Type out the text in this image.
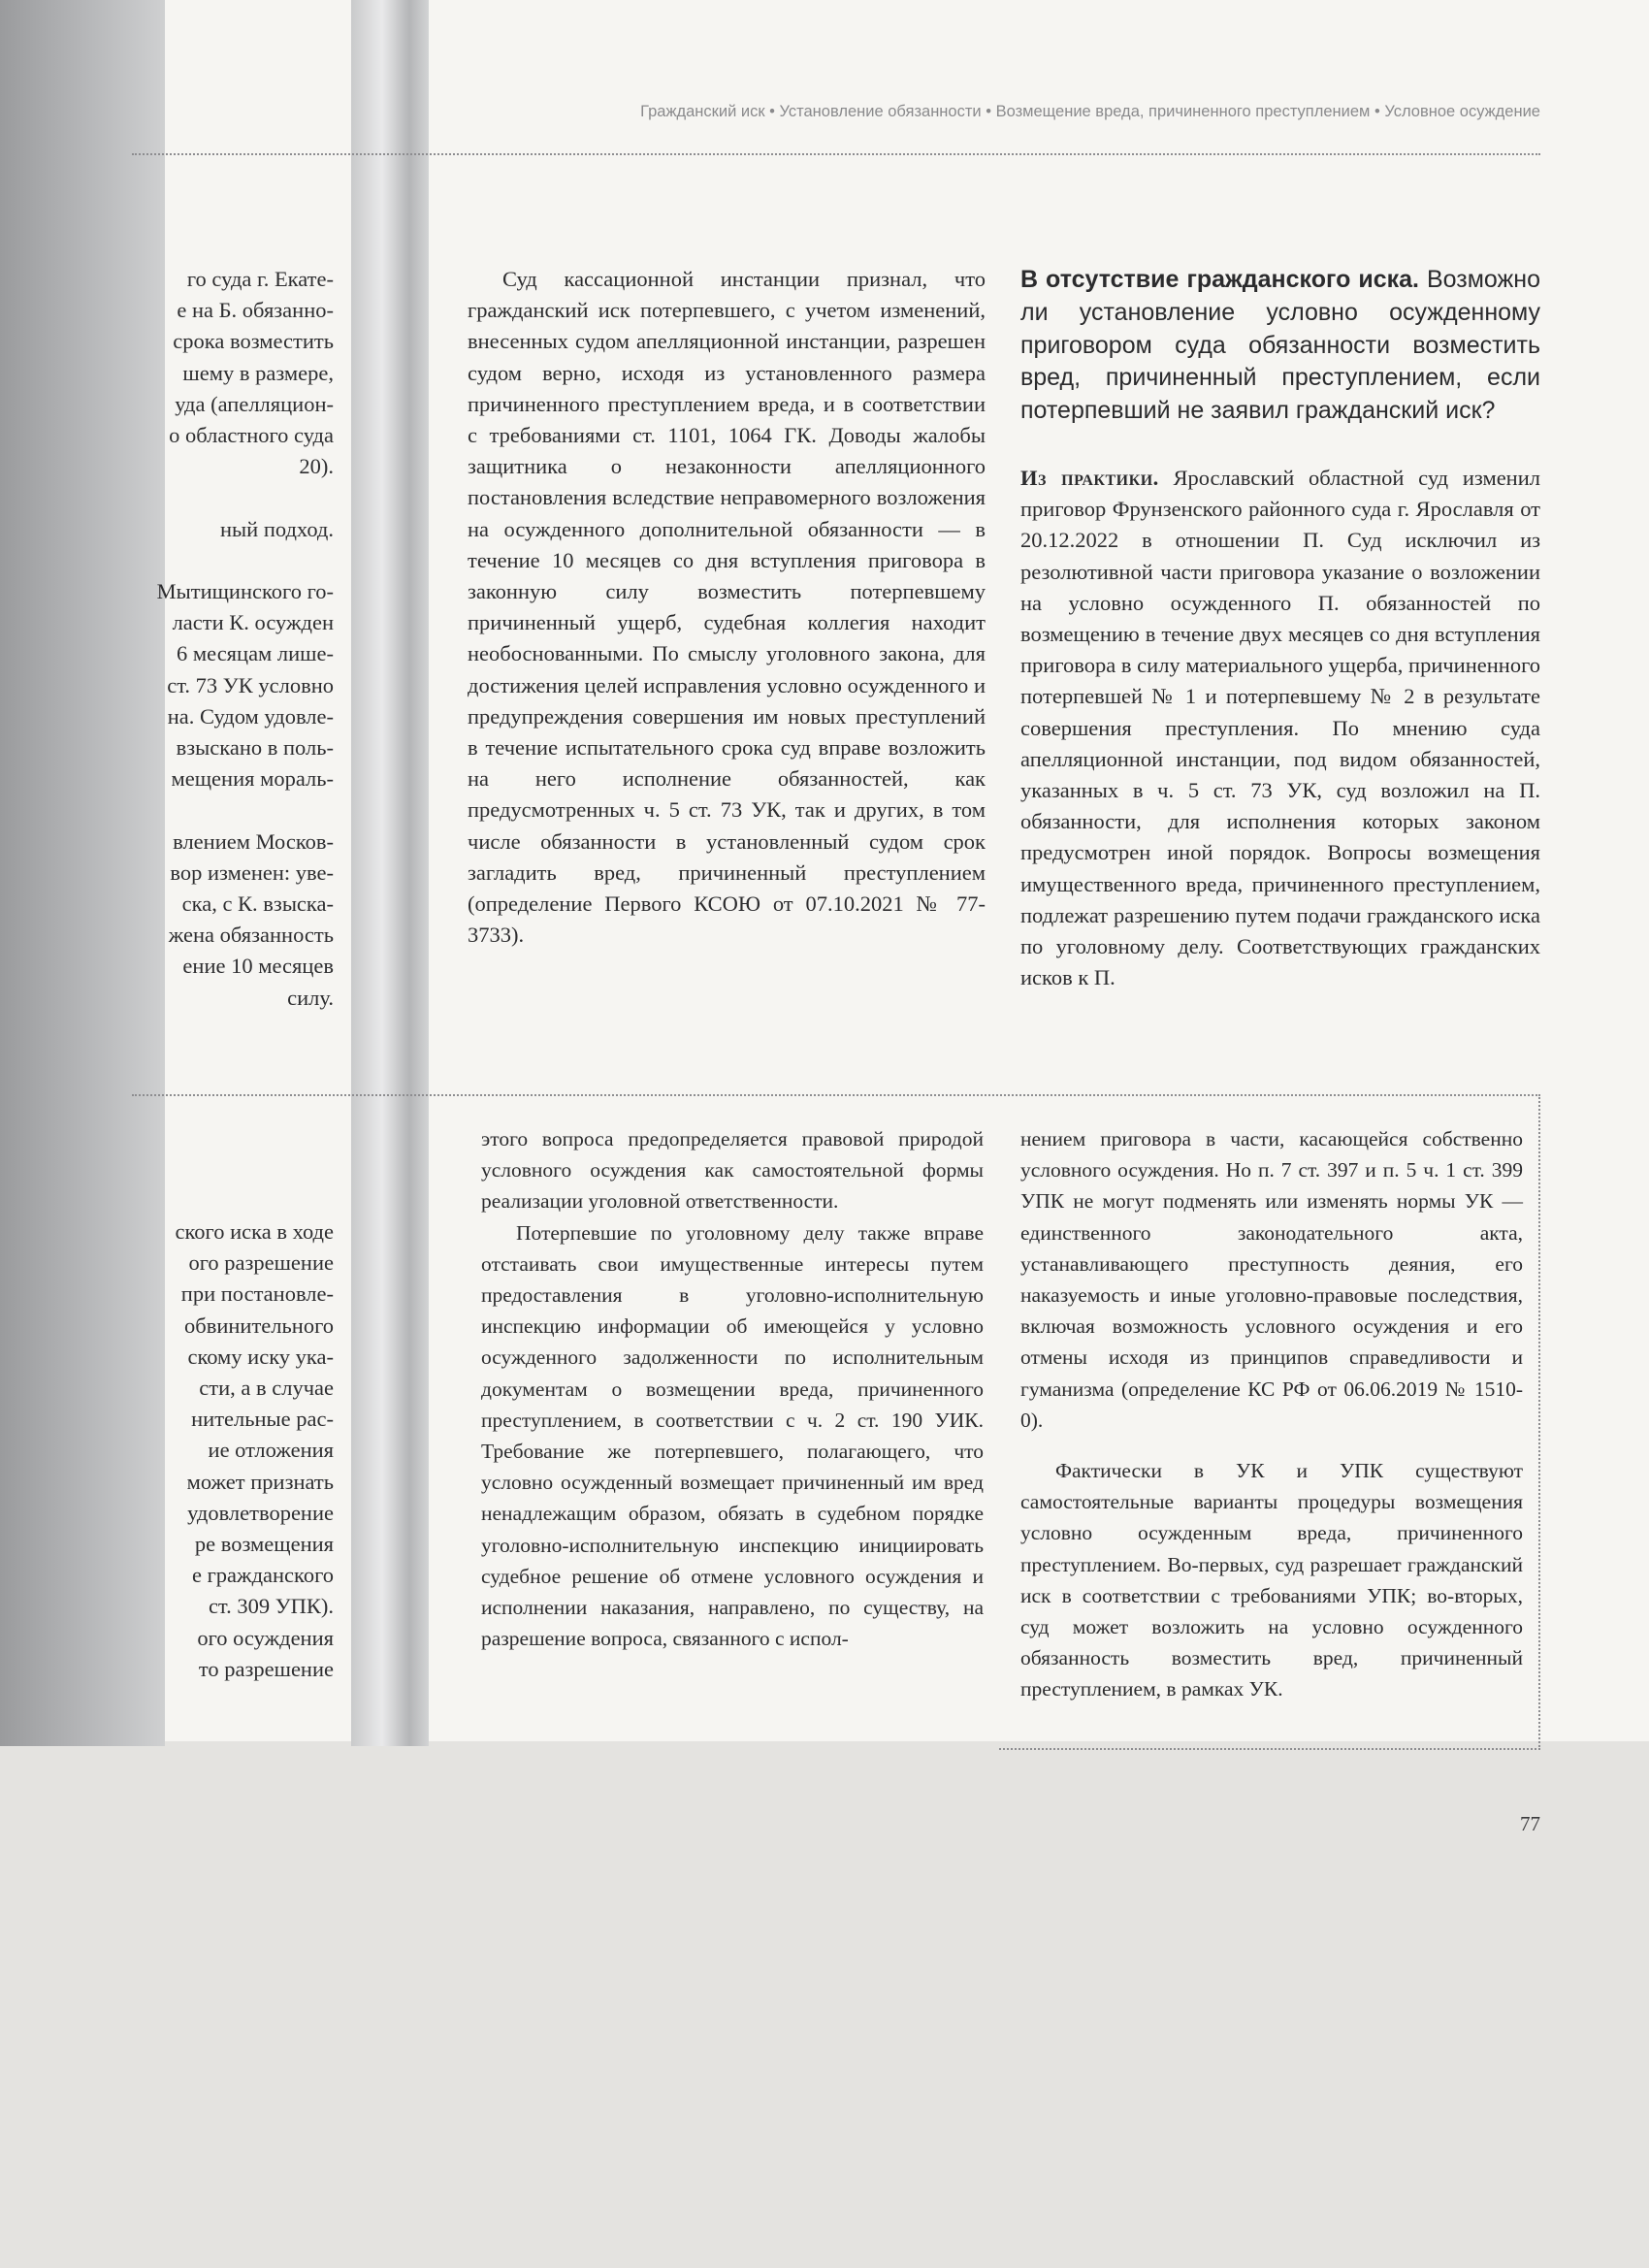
го суда г. Екате-
е на Б. обязанно-
срока возместить
шему в размере,
уда (апелляцион-
о областного суда
20).

ный подход.

Мытищинского го-
ласти К. осужден
6 месяцам лише-
ст. 73 УК условно
на. Судом удовле-
взыскано в поль-
мещения мораль-

влением Москов-
вор изменен: уве-
ска, с К. взыска-
жена обязанность
ение 10 месяцев
силу.
ского иска в ходе
ого разрешение
при постановле-
обвинительного
скому иску ука-
сти, а в случае
нительные рас-
ие отложения
может признать
удовлетворение
ре возмещения
е гражданского
ст. 309 УПК).
ого осуждения
то разрешение
Гражданский иск • Установление обязанности • Возмещение вреда, причиненного преступлением • Условное осуждение

Суд кассационной инстанции признал, что гражданский иск потерпевшего, с учетом изменений, внесенных судом апелляционной инстанции, разрешен судом верно, исходя из установленного размера причиненного преступлением вреда, и в соответствии с требованиями ст. 1101, 1064 ГК. Доводы жалобы защитника о незаконности апелляционного постановления вследствие неправомерного возложения на осужденного дополнительной обязанности — в течение 10 месяцев со дня вступления приговора в законную силу возместить потерпевшему причиненный ущерб, судебная коллегия находит необоснованными. По смыслу уголовного закона, для достижения целей исправления условно осужденного и предупреждения совершения им новых преступлений в течение испытательного срока суд вправе возложить на него исполнение обязанностей, как предусмотренных ч. 5 ст. 73 УК, так и других, в том числе обязанности в установленный судом срок загладить вред, причиненный преступлением (определение Первого КСОЮ от 07.10.2021 № 77-3733).

В отсутствие гражданского иска. Возможно ли установление условно осужденному приговором суда обязанности возместить вред, причиненный преступлением, если потерпевший не заявил гражданский иск?

Из практики. Ярославский областной суд изменил приговор Фрунзенского районного суда г. Ярославля от 20.12.2022 в отношении П. Суд исключил из резолютивной части приговора указание о возложении на условно осужденного П. обязанностей по возмещению в течение двух месяцев со дня вступления приговора в силу материального ущерба, причиненного потерпевшей № 1 и потерпевшему № 2 в результате совершения преступления. По мнению суда апелляционной инстанции, под видом обязанностей, указанных в ч. 5 ст. 73 УК, суд возложил на П. обязанности, для исполнения которых законом предусмотрен иной порядок. Вопросы возмещения имущественного вреда, причиненного преступлением, подлежат разрешению путем подачи гражданского иска по уголовному делу. Соответствующих гражданских исков к П.

этого вопроса предопределяется правовой природой условного осуждения как самостоятельной формы реализации уголовной ответственности.

Потерпевшие по уголовному делу также вправе отстаивать свои имущественные интересы путем предоставления в уголовно-исполнительную инспекцию информации об имеющейся у условно осужденного задолженности по исполнительным документам о возмещении вреда, причиненного преступлением, в соответствии с ч. 2 ст. 190 УИК. Требование же потерпевшего, полагающего, что условно осужденный возмещает причиненный им вред ненадлежащим образом, обязать в судебном порядке уголовно-исполнительную инспекцию инициировать судебное решение об отмене условного осуждения и исполнении наказания, направлено, по существу, на разрешение вопроса, связанного с испол-

нением приговора в части, касающейся собственно условного осуждения. Но п. 7 ст. 397 и п. 5 ч. 1 ст. 399 УПК не могут подменять или изменять нормы УК — единственного законодательного акта, устанавливающего преступность деяния, его наказуемость и иные уголовно-правовые последствия, включая возможность условного осуждения и его отмены исходя из принципов справедливости и гуманизма (определение КС РФ от 06.06.2019 № 1510-0).

Фактически в УК и УПК существуют самостоятельные варианты процедуры возмещения условно осужденным вреда, причиненного преступлением. Во-первых, суд разрешает гражданский иск в соответствии с требованиями УПК; во-вторых, суд может возложить на условно осужденного обязанность возместить вред, причиненный преступлением, в рамках УК.

77
